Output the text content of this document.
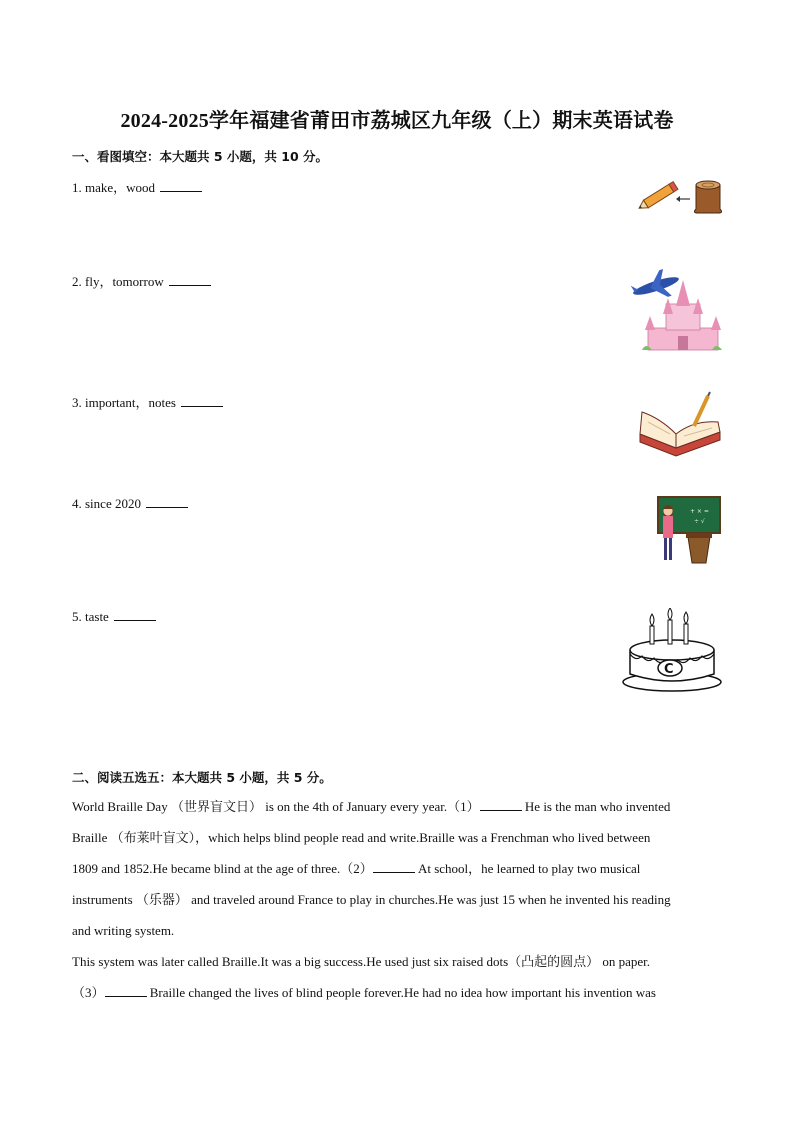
2024-2025学年福建省莆田市荔城区九年级（上）期末英语试卷
一、看图填空：本大题共 5 小题，共 10 分。
1. make，wood
2. fly，tomorrow
3. important，notes
4. since 2020
+ × =
÷ √
5. taste
C
二、阅读五选五：本大题共 5 小题，共 5 分。
World Braille Day （世界盲文日） is on the 4th of January every year.（1）	He is the man who invented
Braille （布莱叶盲文），which helps blind people read and write.Braille was a Frenchman who lived between
1809 and 1852.He became blind at the age of three.（2）	At school，he learned to play two musical
instruments （乐器） and traveled around France to play in churches.He was just 15 when he invented his reading
and writing system.
This system was later called Braille.It was a big success.He used just six raised dots（凸起的圆点） on paper.
（3）	Braille changed the lives of blind people forever.He had no idea how important his invention was
